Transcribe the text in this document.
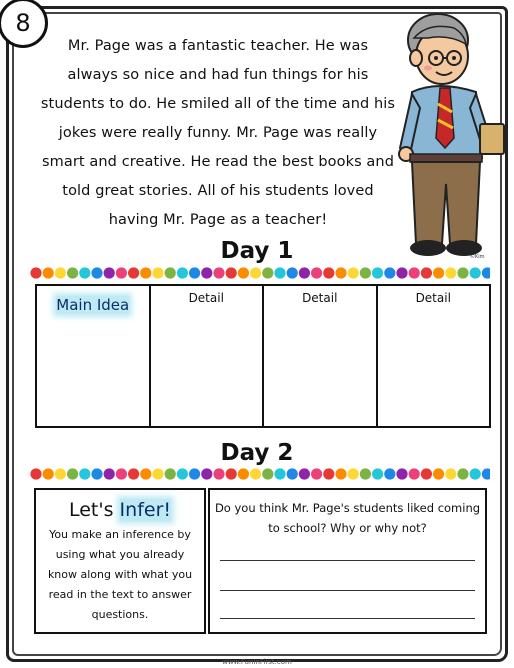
8
Mr. Page was a fantastic teacher. He was
always so nice and had fun things for his
students to do. He smiled all of the time and his
jokes were really funny. Mr. Page was really
smart and creative. He read the best books and
told great stories. All of his students loved
having Mr. Page as a teacher!
©Kim
Day 1
Main Idea	Detail	Detail	Detail
Day 2
Let's Infer!
You make an inference by
using what you already
know along with what you
read in the text to answer
questions.
Do you think Mr. Page's students liked coming
to school? Why or why not?
www.FunInFirst.com
